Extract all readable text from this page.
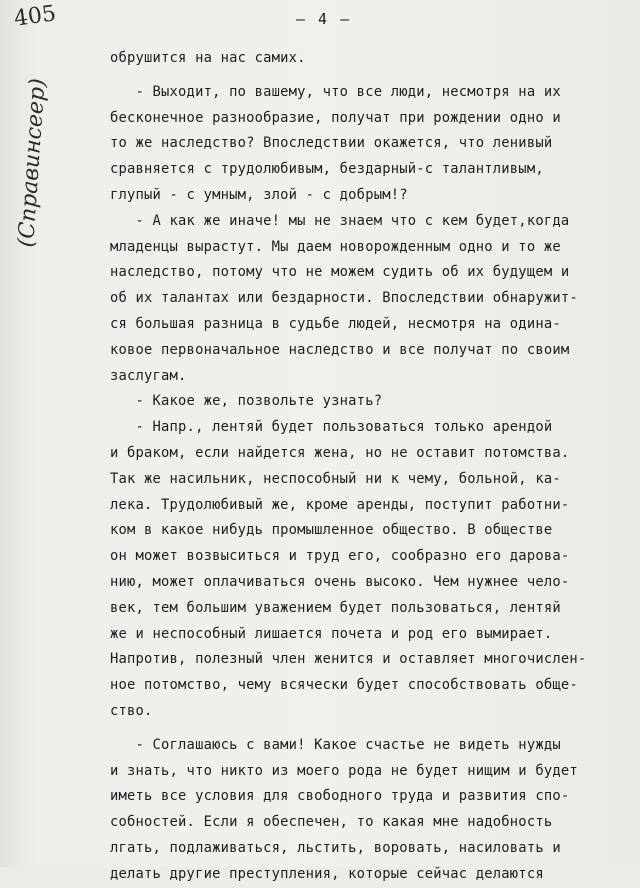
405
(Справинсеер)
— 4 —
обрушится на нас самих.
- Выходит, по вашему, что все люди, несмотря на их
бесконечное разнообразие, получат при рождении одно и
то же наследство? Впоследствии окажется, что ленивый
сравняется с трудолюбивым, бездарный-с талантливым,
глупый - с умным, злой - с добрым!?
- А как же иначе! мы не знаем что с кем будет,когда
младенцы вырастут. Мы даем новорожденным одно и то же
наследство, потому что не можем судить об их будущем и
об их талантах или бездарности. Впоследствии обнаружит-
ся большая разница в судьбе людей, несмотря на одина-
ковое первоначальное наследство и все получат по своим
заслугам.
- Какое же, позвольте узнать?
- Напр., лентяй будет пользоваться только арендой
и браком, если найдется жена, но не оставит потомства.
Так же насильник, неспособный ни к чему, больной, ка-
лека. Трудолюбивый же, кроме аренды, поступит работни-
ком в какое нибудь промышленное общество. В обществе
он может возвыситься и труд его, сообразно его дарова-
нию, может оплачиваться очень высоко. Чем нужнее чело-
век, тем большим уважением будет пользоваться, лентяй
же и неспособный лишается почета и род его вымирает.
Напротив, полезный член женится и оставляет многочислен-
ное потомство, чему всячески будет способствовать обще-
ство.
- Соглашаюсь с вами! Какое счастье не видеть нужды
и знать, что никто из моего рода не будет нищим и будет
иметь все условия для свободного труда и развития спо-
собностей. Если я обеспечен, то какая мне надобность
лгать, подлаживаться, льстить, воровать, насиловать и
делать другие преступления, которые сейчас делаются
